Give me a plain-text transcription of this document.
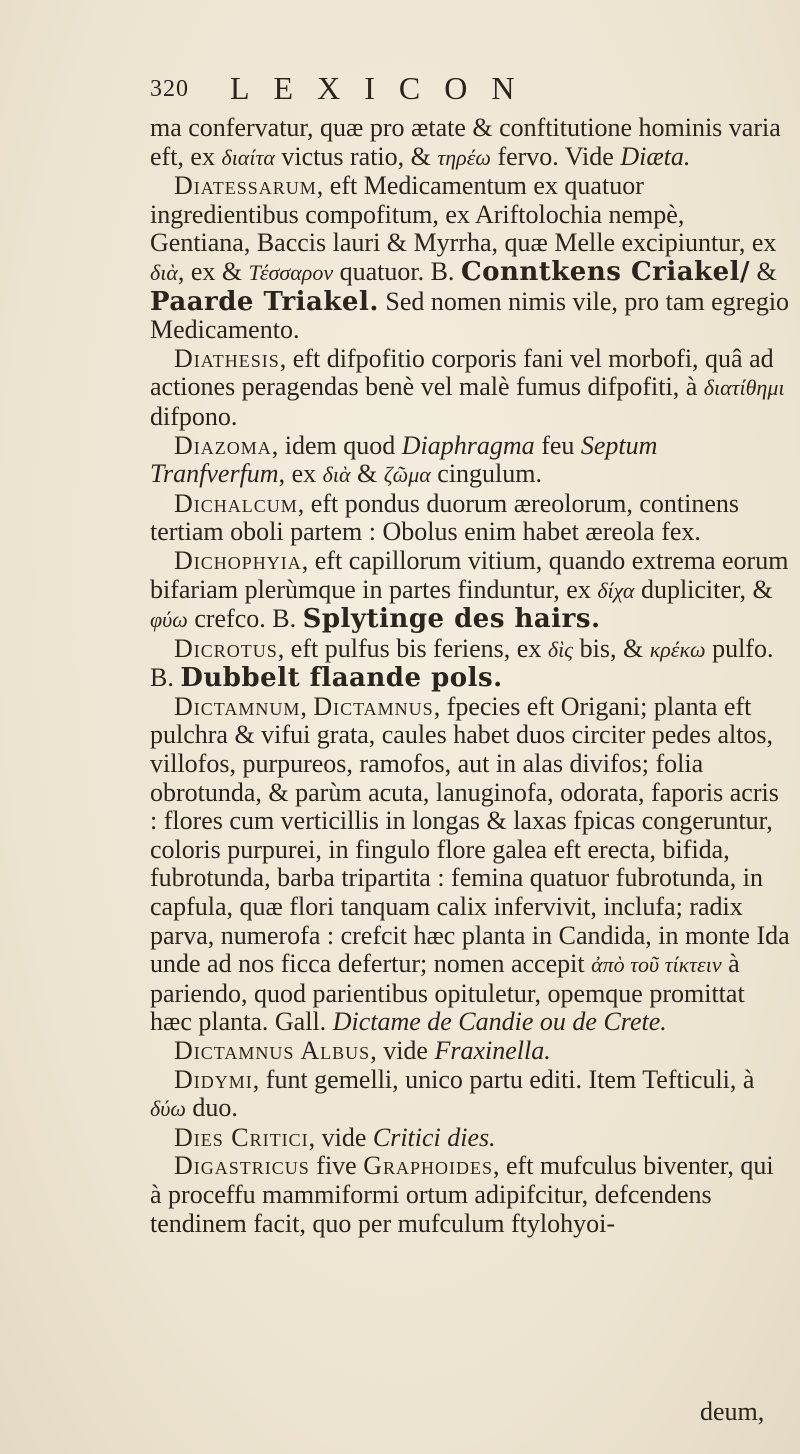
320 LEXICON

ma confervatur, quæ pro ætate & conftitutione hominis varia eft, ex διαίτα victus ratio, & τηρέω fervo. Vide Diæta.

Diatessarum, eft Medicamentum ex quatuor ingredientibus compofitum, ex Ariftolochia nempè, Gentiana, Baccis lauri & Myrrha, quæ Melle excipiuntur, ex διὰ, ex & Τέσσαρον quatuor. B. Conntkens Criakel/ & Paarde Triakel. Sed nomen nimis vile, pro tam egregio Medicamento.

Diathesis, eft difpofitio corporis fani vel morbofi, quâ ad actiones peragendas benè vel malè fumus difpofiti, à διατίθημι difpono.

Diazoma, idem quod Diaphragma feu Septum Tranfverfum, ex διὰ & ζῶμα cingulum.

Dichalcum, eft pondus duorum æreolorum, continens tertiam oboli partem : Obolus enim habet æreola fex.

Dichophyia, eft capillorum vitium, quando extrema eorum bifariam plerùmque in partes finduntur, ex δίχα dupliciter, & φύω crefco. B. Splytinge des hairs.

Dicrotus, eft pulfus bis feriens, ex δὶς bis, & κρέκω pulfo. B. Dubbelt flaande pols.

Dictamnum, Dictamnus, fpecies eft Origani; planta eft pulchra & vifui grata, caules habet duos circiter pedes altos, villofos, purpureos, ramofos, aut in alas divifos; folia obrotunda, & parùm acuta, lanuginofa, odorata, faporis acris : flores cum verticillis in longas & laxas fpicas congeruntur, coloris purpurei, in fingulo flore galea eft erecta, bifida, fubrotunda, barba tripartita : femina quatuor fubrotunda, in capfula, quæ flori tanquam calix infervivit, inclufa; radix parva, numerofa : crefcit hæc planta in Candida, in monte Ida unde ad nos ficca defertur; nomen accepit ἀπὸ τοῦ τίκτειν à pariendo, quod parientibus opituletur, opemque promittat hæc planta. Gall. Dictame de Candie ou de Crete.

Dictamnus Albus, vide Fraxinella.

Didymi, funt gemelli, unico partu editi. Item Tefticuli, à δύω duo.

Dies Critici, vide Critici dies.

Digastricus five Graphoides, eft mufculus biventer, qui à proceffu mammiformi ortum adipifcitur, defcendens tendinem facit, quo per mufculum ftylohyoi-

deum,
